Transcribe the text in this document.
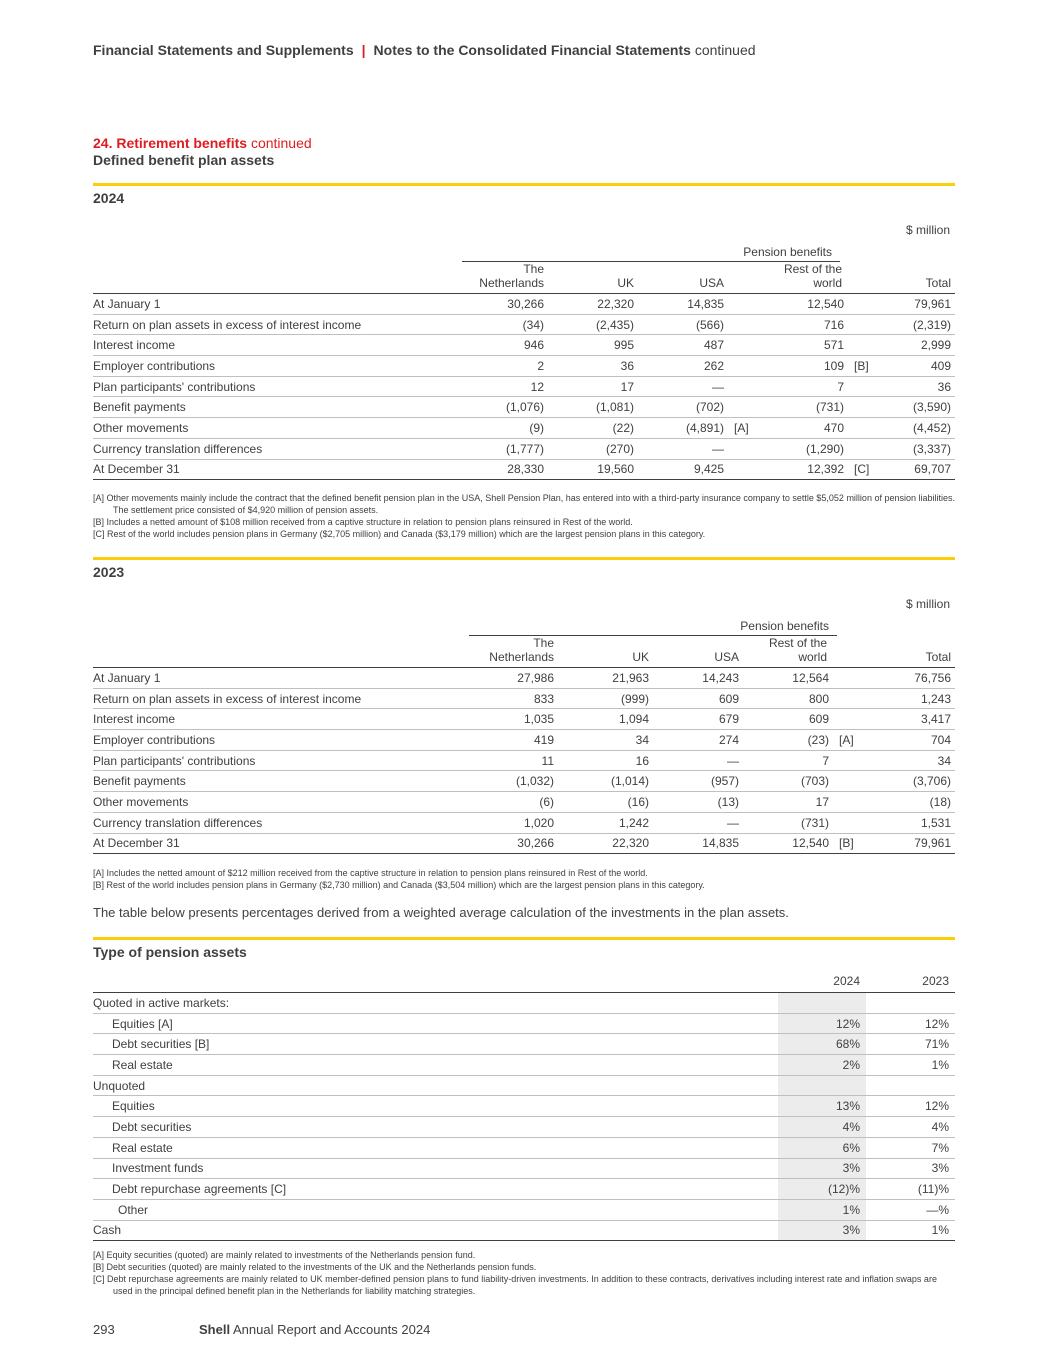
Financial Statements and Supplements | Notes to the Consolidated Financial Statements continued
24. Retirement benefits continued
Defined benefit plan assets
2024
$ million
Pension benefits
	The
Netherlands		UK		USA		Rest of the
world		Total
At January 1	30,266		22,320		14,835		12,540		79,961
Return on plan assets in excess of interest income	(34)		(2,435)		(566)		716		(2,319)
Interest income	946		995		487		571		2,999
Employer contributions	2		36		262		109	[B]	409
Plan participants' contributions	12		17		—		7		36
Benefit payments	(1,076)		(1,081)		(702)		(731)		(3,590)
Other movements	(9)		(22)		(4,891)	[A]	470		(4,452)
Currency translation differences	(1,777)		(270)		—		(1,290)		(3,337)
At December 31	28,330		19,560		9,425		12,392	[C]	69,707
[A] Other movements mainly include the contract that the defined benefit pension plan in the USA, Shell Pension Plan, has entered into with a third-party insurance company to settle $5,052 million of pension liabilities. The settlement price consisted of $4,920 million of pension assets.
[B] Includes a netted amount of $108 million received from a captive structure in relation to pension plans reinsured in Rest of the world.
[C] Rest of the world includes pension plans in Germany ($2,705 million) and Canada ($3,179 million) which are the largest pension plans in this category.
2023
$ million
Pension benefits
	The
Netherlands		UK		USA		Rest of the
world		Total
At January 1	27,986		21,963		14,243		12,564		76,756
Return on plan assets in excess of interest income	833		(999)		609		800		1,243
Interest income	1,035		1,094		679		609		3,417
Employer contributions	419		34		274		(23)	[A]	704
Plan participants' contributions	11		16		—		7		34
Benefit payments	(1,032)		(1,014)		(957)		(703)		(3,706)
Other movements	(6)		(16)		(13)		17		(18)
Currency translation differences	1,020		1,242		—		(731)		1,531
At December 31	30,266		22,320		14,835		12,540	[B]	79,961
[A] Includes the netted amount of $212 million received from the captive structure in relation to pension plans reinsured in Rest of the world.
[B] Rest of the world includes pension plans in Germany ($2,730 million) and Canada ($3,504 million) which are the largest pension plans in this category.
The table below presents percentages derived from a weighted average calculation of the investments in the plan assets.
Type of pension assets
	2024	2023
Quoted in active markets:		
Equities [A]	12%	12%
Debt securities [B]	68%	71%
Real estate	2%	1%
Unquoted		
Equities	13%	12%
Debt securities	4%	4%
Real estate	6%	7%
Investment funds	3%	3%
Debt repurchase agreements [C]	(12)%	(11)%
Other	1%	—%
Cash	3%	1%
[A] Equity securities (quoted) are mainly related to investments of the Netherlands pension fund.
[B] Debt securities (quoted) are mainly related to the investments of the UK and the Netherlands pension funds.
[C] Debt repurchase agreements are mainly related to UK member-defined pension plans to fund liability-driven investments. In addition to these contracts, derivatives including interest rate and inflation swaps are used in the principal defined benefit plan in the Netherlands for liability matching strategies.
293	Shell Annual Report and Accounts 2024
